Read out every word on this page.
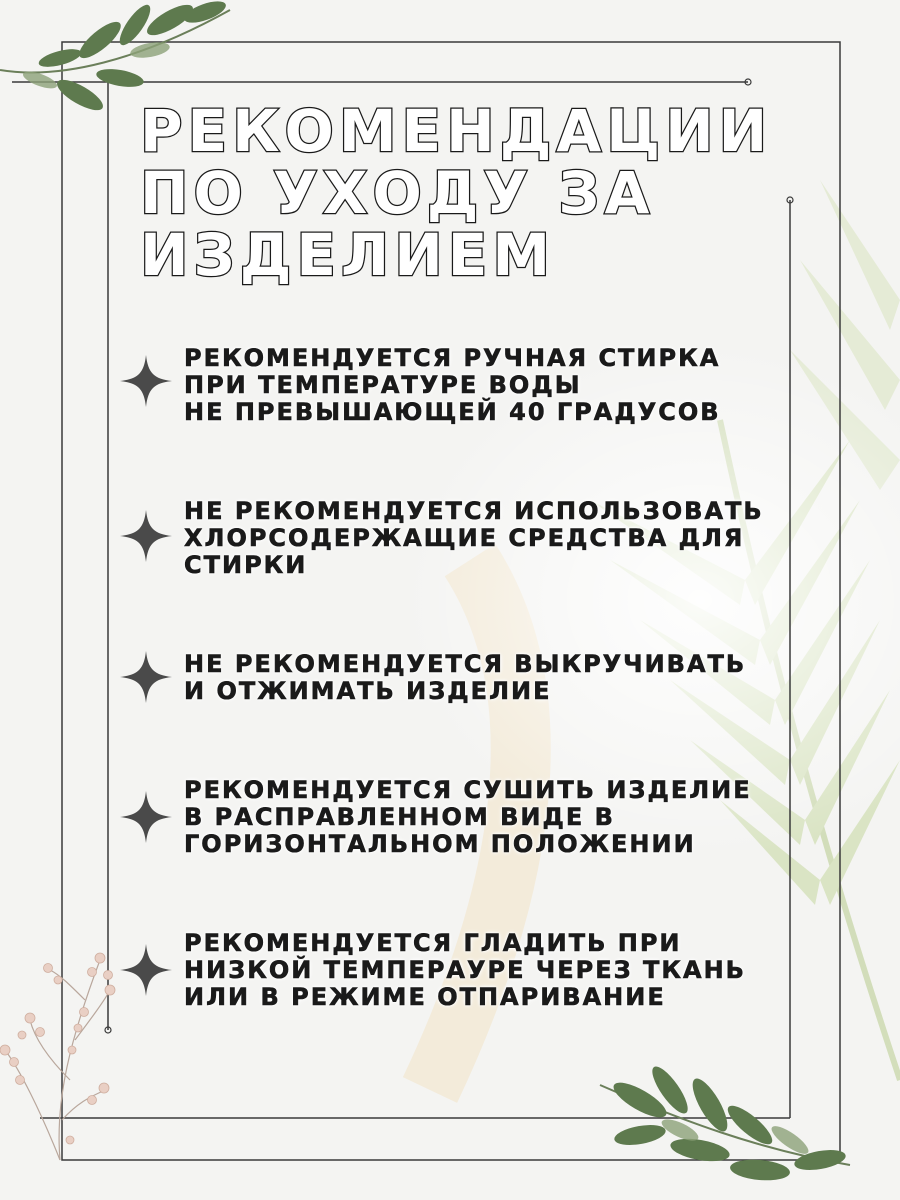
РЕКОМЕНДАЦИИ
ПО УХОДУ ЗА
ИЗДЕЛИЕМ
РЕКОМЕНДУЕТСЯ РУЧНАЯ СТИРКА
ПРИ ТЕМПЕРАТУРЕ ВОДЫ
НЕ ПРЕВЫШАЮЩЕЙ 40 ГРАДУСОВ
НЕ РЕКОМЕНДУЕТСЯ ИСПОЛЬЗОВАТЬ
ХЛОРСОДЕРЖАЩИЕ СРЕДСТВА ДЛЯ
СТИРКИ
НЕ РЕКОМЕНДУЕТСЯ ВЫКРУЧИВАТЬ
И ОТЖИМАТЬ ИЗДЕЛИЕ
РЕКОМЕНДУЕТСЯ СУШИТЬ ИЗДЕЛИЕ
В РАСПРАВЛЕННОМ ВИДЕ В
ГОРИЗОНТАЛЬНОМ ПОЛОЖЕНИИ
РЕКОМЕНДУЕТСЯ ГЛАДИТЬ ПРИ
НИЗКОЙ ТЕМПЕРАУРЕ ЧЕРЕЗ ТКАНЬ
ИЛИ В РЕЖИМЕ ОТПАРИВАНИЕ
